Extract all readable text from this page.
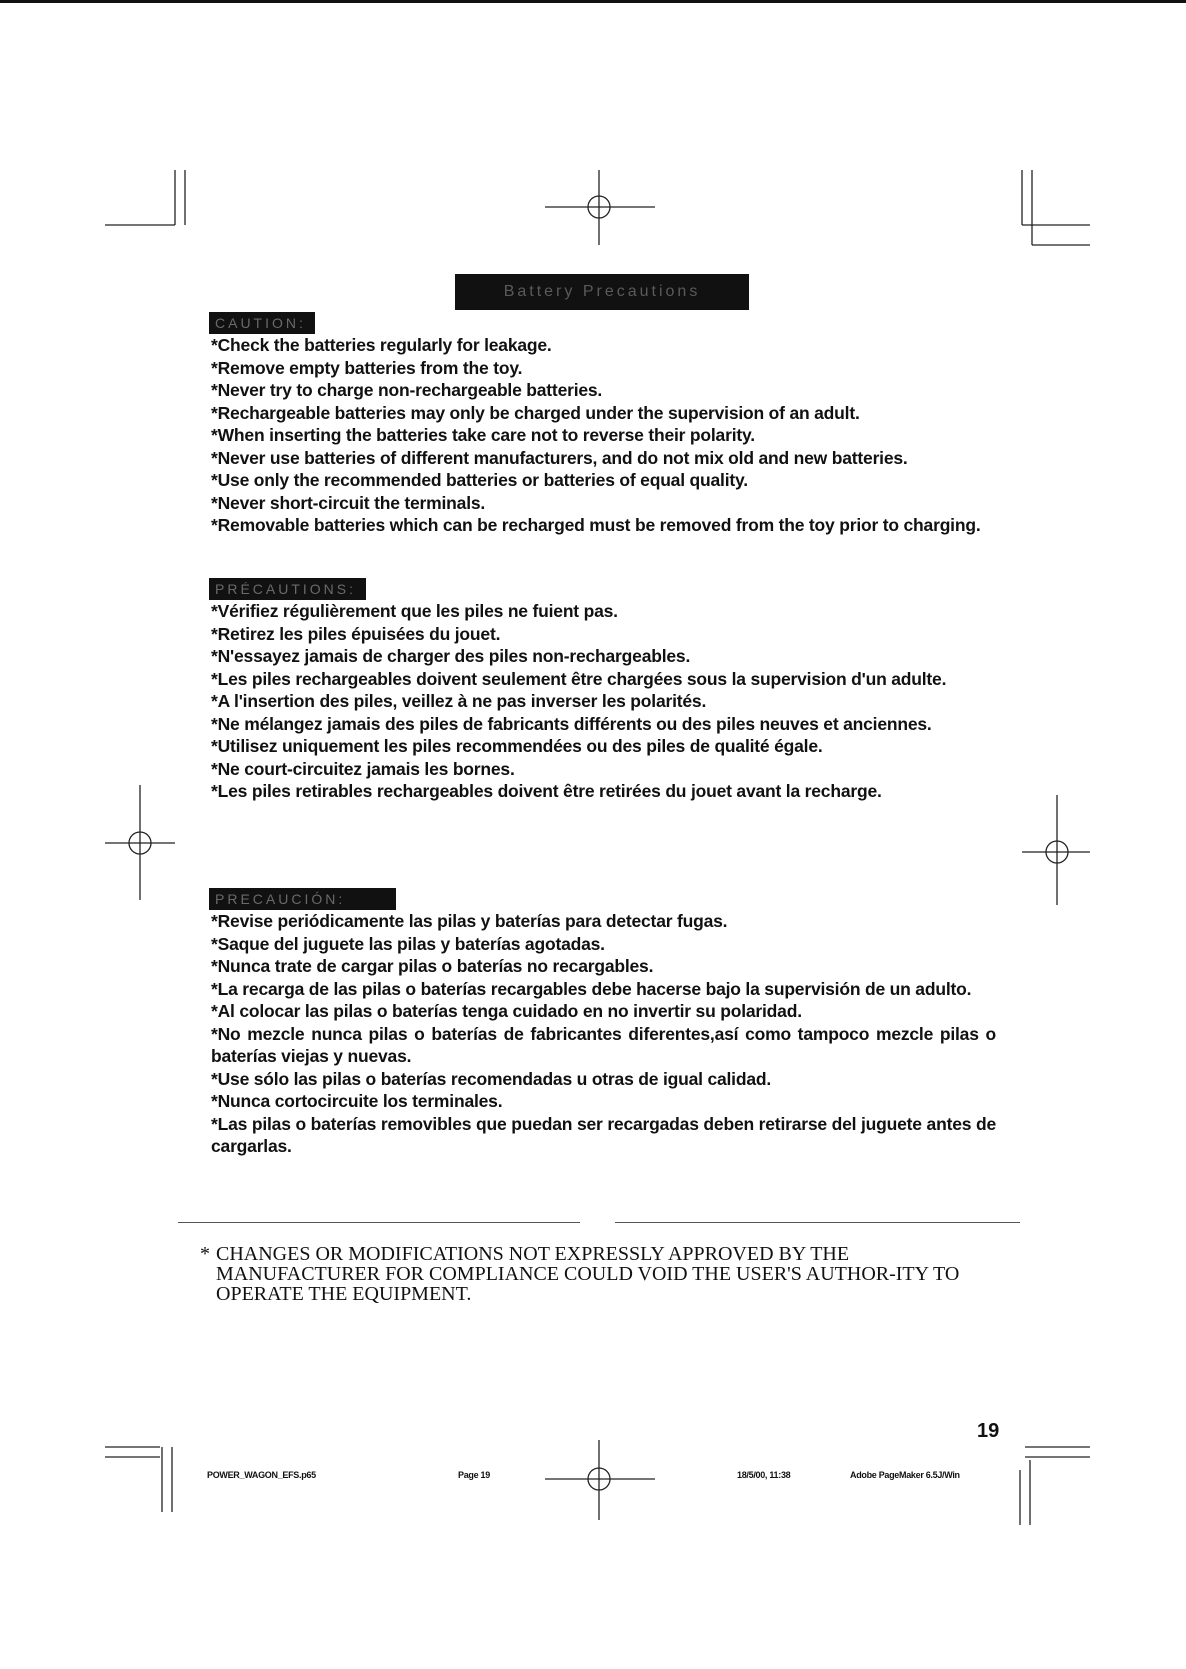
Battery Precautions
CAUTION:
*Check the batteries regularly for leakage.
*Remove empty batteries from the toy.
*Never try to charge non-rechargeable batteries.
*Rechargeable batteries may only be charged under the supervision of an adult.
*When inserting the batteries take care not to reverse their polarity.
*Never use batteries of different manufacturers, and do not mix old and new batteries.
*Use only the recommended batteries or batteries of equal quality.
*Never short-circuit the terminals.
*Removable batteries which can be recharged must be removed from the toy prior to charging.
PRÉCAUTIONS:
*Vérifiez régulièrement que les piles ne fuient pas.
*Retirez les piles épuisées du jouet.
*N'essayez jamais de charger des piles non-rechargeables.
*Les piles rechargeables doivent seulement être chargées sous la supervision d'un adulte.
*A l'insertion des piles, veillez à ne pas inverser les polarités.
*Ne mélangez jamais des piles de fabricants différents ou des piles neuves et anciennes.
*Utilisez uniquement les piles recommendées ou des piles de qualité égale.
*Ne court-circuitez jamais les bornes.
*Les piles retirables rechargeables doivent être retirées du jouet avant la recharge.
PRECAUCIÓN:
*Revise periódicamente las pilas y baterías para detectar fugas.
*Saque del juguete las pilas y baterías agotadas.
*Nunca trate de cargar pilas o baterías no recargables.
*La recarga de las pilas o baterías recargables debe hacerse bajo la supervisión de un adulto.
*Al colocar las pilas o baterías tenga cuidado en no invertir su polaridad.
*No mezcle nunca pilas o baterías de fabricantes diferentes,así como tampoco mezcle pilas o baterías viejas y nuevas.
*Use sólo las pilas o baterías recomendadas u otras de igual calidad.
*Nunca cortocircuite los terminales.
*Las pilas o baterías removibles que puedan ser recargadas deben retirarse del juguete antes de cargarlas.
* CHANGES OR MODIFICATIONS NOT EXPRESSLY APPROVED BY THE MANUFACTURER FOR COMPLIANCE COULD VOID THE USER'S AUTHOR-ITY TO OPERATE THE EQUIPMENT.
19
POWER_WAGON_EFS.p65	Page 19	18/5/00, 11:38	Adobe PageMaker 6.5J/Win
